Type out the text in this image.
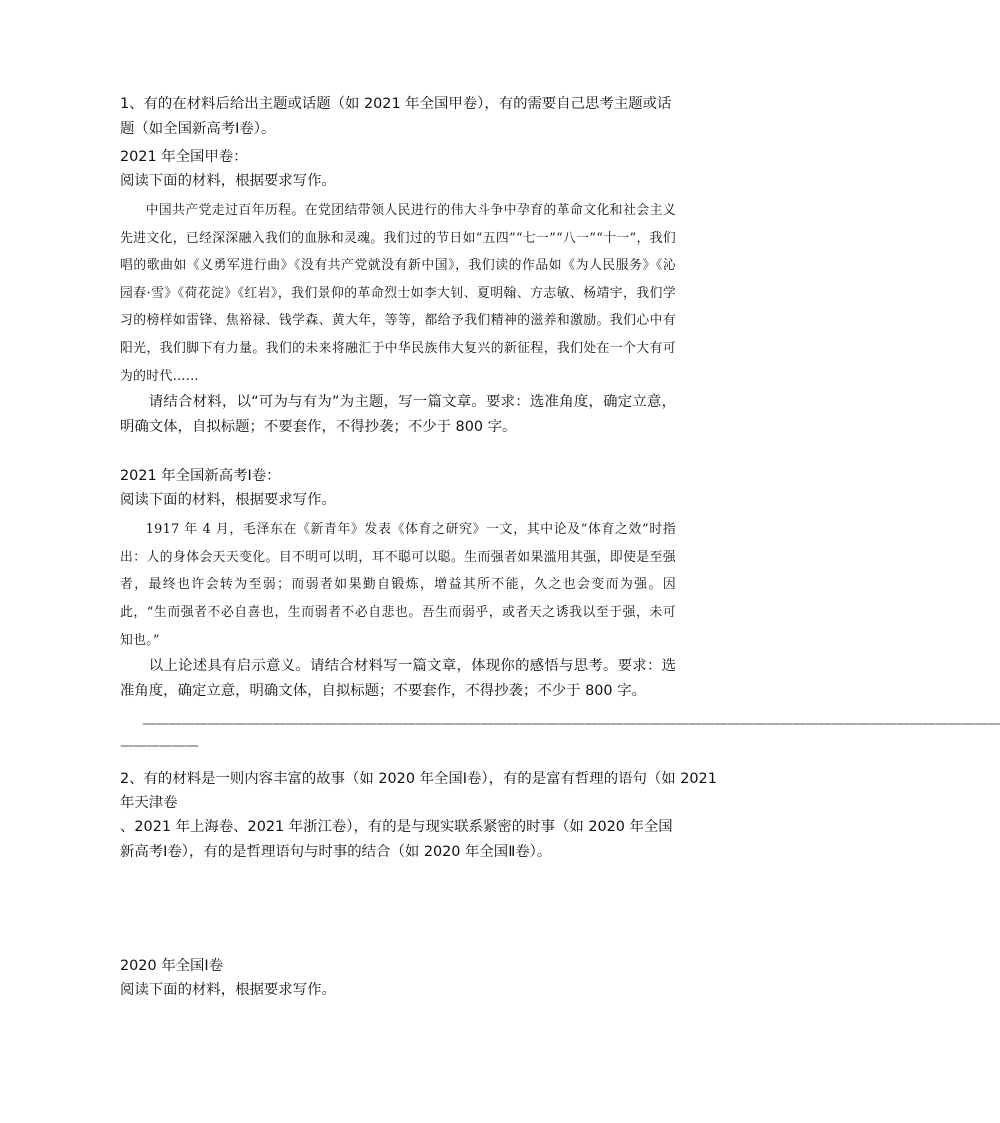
1、有的在材料后给出主题或话题（如 2021 年全国甲卷），有的需要自己思考主题或话题（如全国新高考Ⅰ卷）。
2021 年全国甲卷：
阅读下面的材料，根据要求写作。
中国共产党走过百年历程。在党团结带领人民进行的伟大斗争中孕育的革命文化和社会主义先进文化，已经深深融入我们的血脉和灵魂。我们过的节日如“五四”“七一”“八一”“十一”，我们唱的歌曲如《义勇军进行曲》《没有共产党就没有新中国》，我们读的作品如《为人民服务》《沁园春·雪》《荷花淀》《红岩》，我们景仰的革命烈士如李大钊、夏明翰、方志敏、杨靖宇，我们学习的榜样如雷锋、焦裕禄、钱学森、黄大年，等等，都给予我们精神的滋养和激励。我们心中有阳光，我们脚下有力量。我们的未来将融汇于中华民族伟大复兴的新征程，我们处在一个大有可为的时代……
请结合材料，以“可为与有为”为主题，写一篇文章。要求：选准角度，确定立意，明确文体，自拟标题；不要套作，不得抄袭；不少于 800 字。
2021 年全国新高考Ⅰ卷：
阅读下面的材料，根据要求写作。
1917 年 4 月，毛泽东在《新青年》发表《体育之研究》一文，其中论及“体育之效”时指出：人的身体会天天变化。目不明可以明，耳不聪可以聪。生而强者如果滥用其强，即使是至强者，最终也许会转为至弱；而弱者如果勤自锻炼，增益其所不能，久之也会变而为强。因此，“生而强者不必自喜也，生而弱者不必自悲也。吾生而弱乎，或者天之诱我以至于强，未可知也。”
以上论述具有启示意义。请结合材料写一篇文章，体现你的感悟与思考。要求：选准角度，确定立意，明确文体，自拟标题；不要套作，不得抄袭；不少于 800 字。
——————————————————————————————————————————————————————————————————
——————
2、有的材料是一则内容丰富的故事（如 2020 年全国Ⅰ卷），有的是富有哲理的语句（如 2021
年天津卷
、2021 年上海卷、2021 年浙江卷），有的是与现实联系紧密的时事（如 2020 年全国新高考Ⅰ卷），有的是哲理语句与时事的结合（如 2020 年全国Ⅱ卷）。
2020 年全国Ⅰ卷
阅读下面的材料，根据要求写作。
